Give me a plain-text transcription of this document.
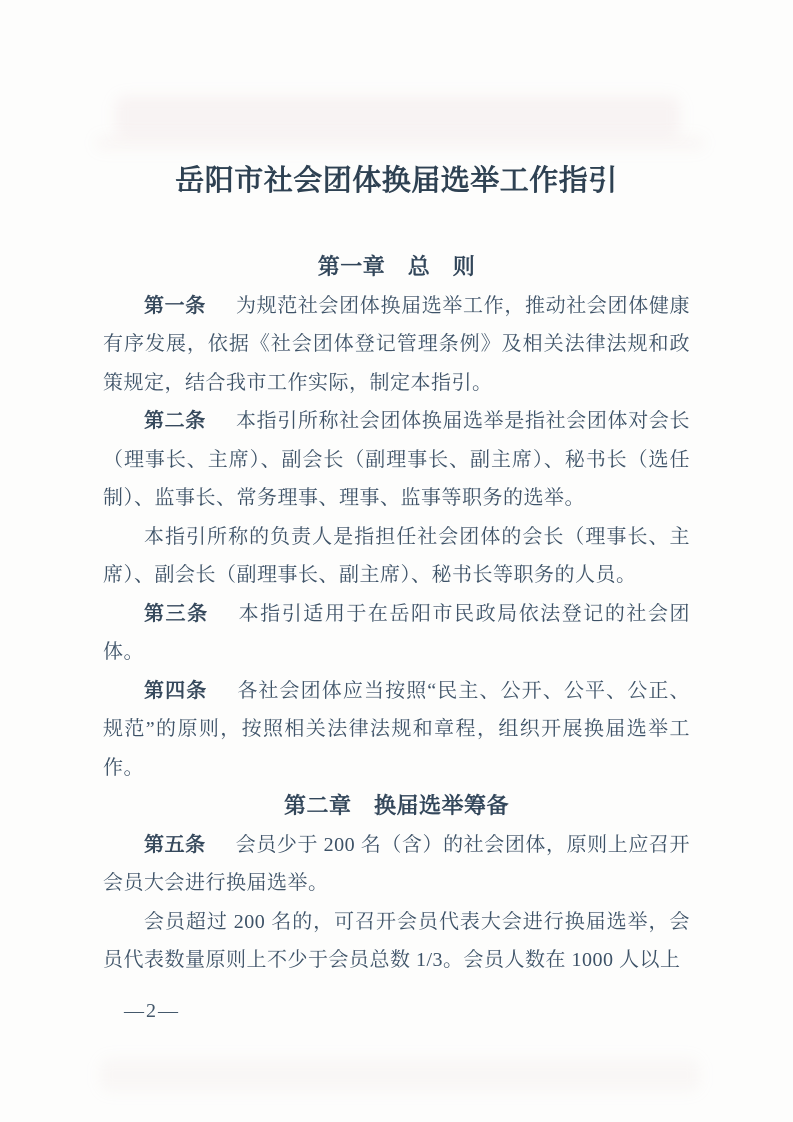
岳阳市社会团体换届选举工作指引
第一章　总　则

第一条 为规范社会团体换届选举工作，推动社会团体健康有序发展，依据《社会团体登记管理条例》及相关法律法规和政策规定，结合我市工作实际，制定本指引。

第二条 本指引所称社会团体换届选举是指社会团体对会长（理事长、主席）、副会长（副理事长、副主席）、秘书长（选任制）、监事长、常务理事、理事、监事等职务的选举。

本指引所称的负责人是指担任社会团体的会长（理事长、主席）、副会长（副理事长、副主席）、秘书长等职务的人员。

第三条 本指引适用于在岳阳市民政局依法登记的社会团体。

第四条 各社会团体应当按照“民主、公开、公平、公正、规范”的原则，按照相关法律法规和章程，组织开展换届选举工作。

第二章　换届选举筹备

第五条 会员少于 200 名（含）的社会团体，原则上应召开会员大会进行换届选举。

会员超过 200 名的，可召开会员代表大会进行换届选举，会员代表数量原则上不少于会员总数 1/3。会员人数在 1000 人以上

—2—
